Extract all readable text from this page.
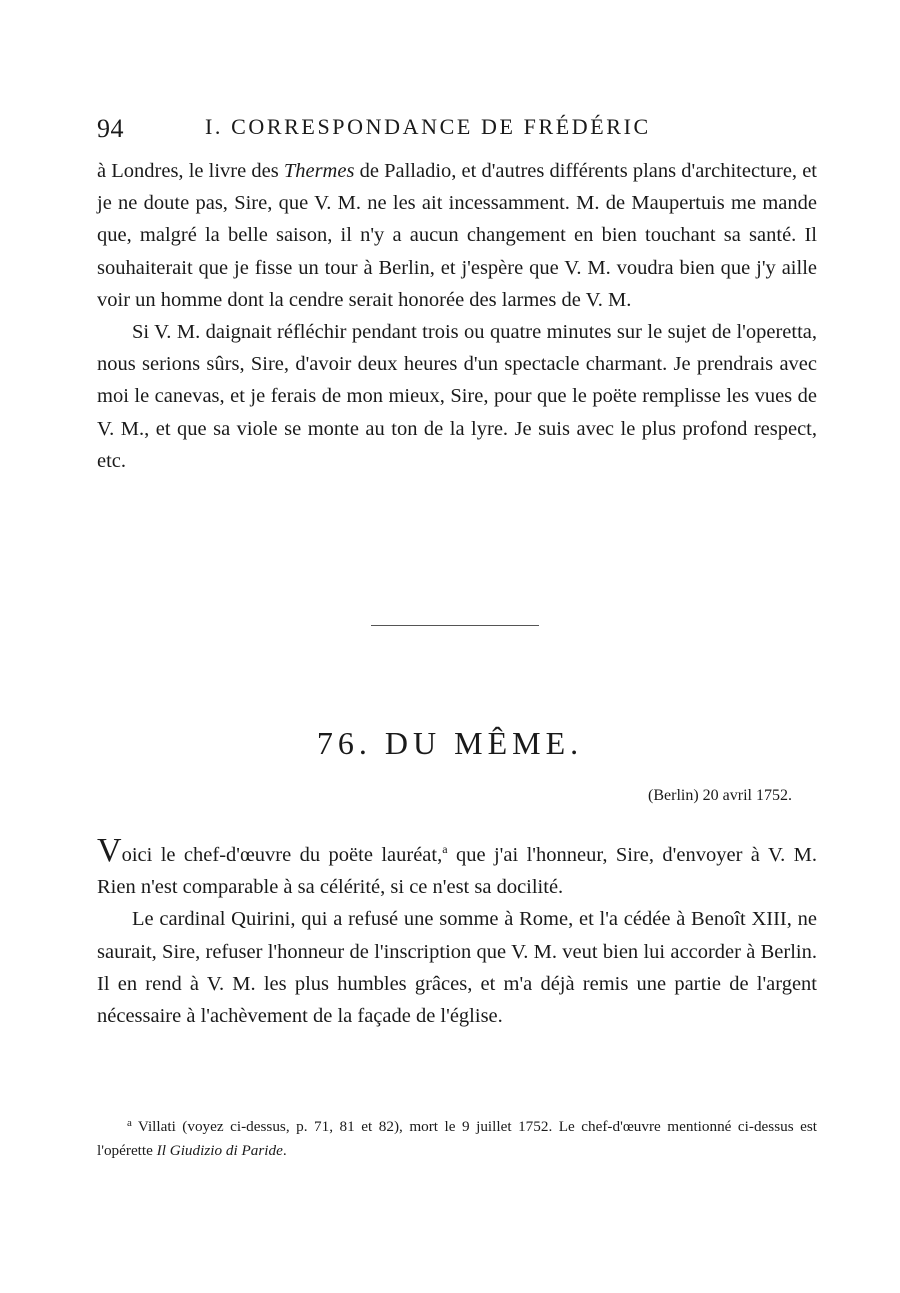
94	I. CORRESPONDANCE DE FRÉDÉRIC

à Londres, le livre des Thermes de Palladio, et d'autres différents plans d'architecture, et je ne doute pas, Sire, que V. M. ne les ait incessamment. M. de Maupertuis me mande que, malgré la belle saison, il n'y a aucun changement en bien touchant sa santé. Il souhaiterait que je fisse un tour à Berlin, et j'espère que V. M. voudra bien que j'y aille voir un homme dont la cendre serait honorée des larmes de V. M.

Si V. M. daignait réfléchir pendant trois ou quatre minutes sur le sujet de l'operetta, nous serions sûrs, Sire, d'avoir deux heures d'un spectacle charmant. Je prendrais avec moi le canevas, et je ferais de mon mieux, Sire, pour que le poëte remplisse les vues de V. M., et que sa viole se monte au ton de la lyre. Je suis avec le plus profond respect, etc.

76. DU MÊME.
(Berlin) 20 avril 1752.

Voici le chef-d'œuvre du poëte lauréat,$^a$ que j'ai l'honneur, Sire, d'envoyer à V. M. Rien n'est comparable à sa célérité, si ce n'est sa docilité.

Le cardinal Quirini, qui a refusé une somme à Rome, et l'a cédée à Benoît XIII, ne saurait, Sire, refuser l'honneur de l'inscription que V. M. veut bien lui accorder à Berlin. Il en rend à V. M. les plus humbles grâces, et m'a déjà remis une partie de l'argent nécessaire à l'achèvement de la façade de l'église.

$^a$ Villati (voyez ci-dessus, p. 71, 81 et 82), mort le 9 juillet 1752. Le chef-d'œuvre mentionné ci-dessus est l'opérette Il Giudizio di Paride.
